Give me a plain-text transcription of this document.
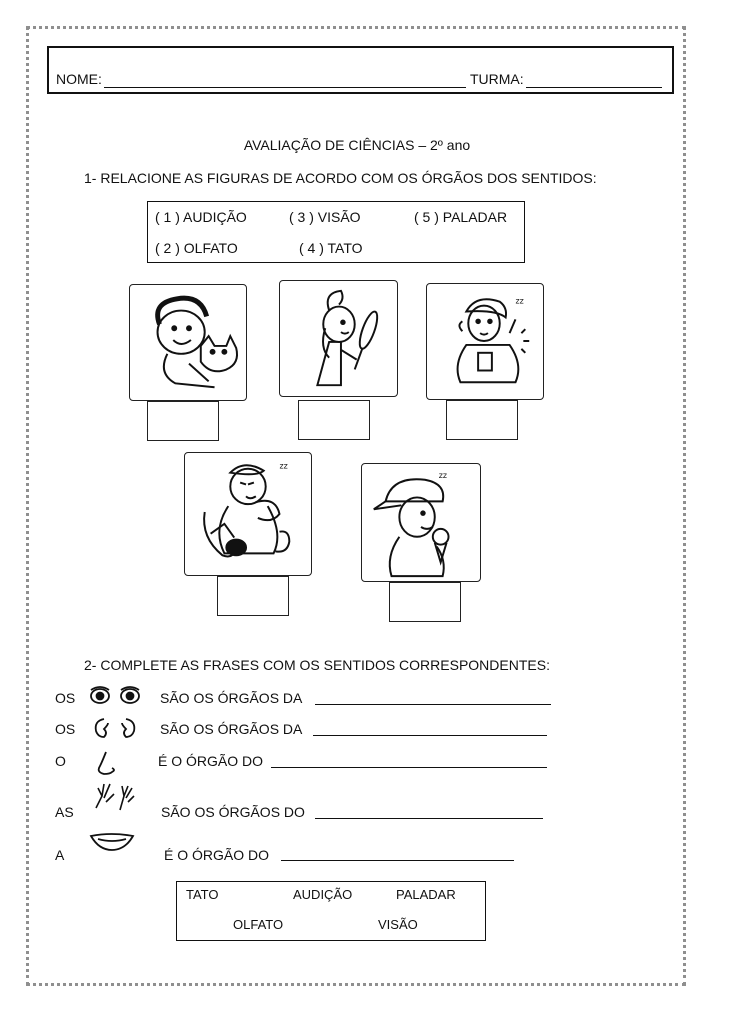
NOME:	TURMA:
AVALIAÇÃO DE CIÊNCIAS – 2º ano
1- RELACIONE AS FIGURAS DE ACORDO COM OS ÓRGÃOS DOS SENTIDOS:
( 1 ) AUDIÇÃO	( 3 ) VISÃO	( 5 ) PALADAR
( 2 ) OLFATO	( 4 ) TATO
zz
zz
zz
2- COMPLETE AS FRASES COM OS SENTIDOS CORRESPONDENTES:
OS	SÃO OS ÓRGÃOS DA
OS	SÃO OS ÓRGÃOS DA
O	É O ÓRGÃO DO
AS	SÃO OS ÓRGÃOS DO
A	É O ÓRGÃO DO
TATO	AUDIÇÃO	PALADAR
OLFATO	VISÃO
